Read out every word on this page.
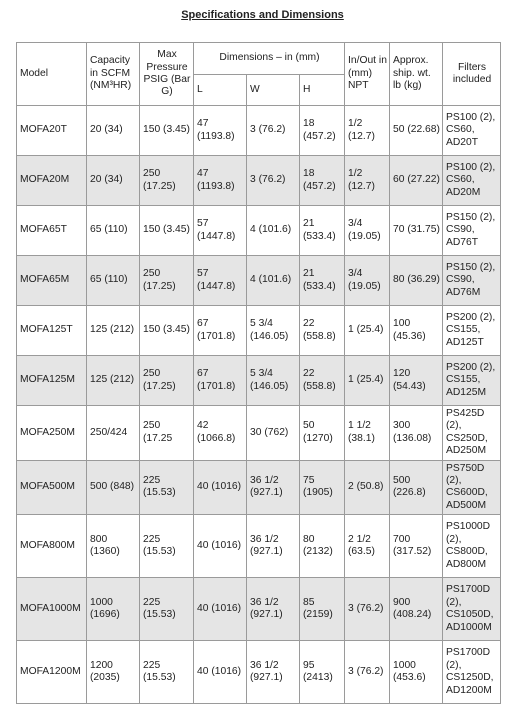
Specifications and Dimensions
Model	Capacity in SCFM (NM³HR)	Max Pressure PSIG (Bar G)	Dimensions – in (mm)			In/Out in (mm) NPT	Approx. ship. wt. lb (kg)	Filters included
			L	W	H			
MOFA20T	20 (34)	150 (3.45)	47 (1193.8)	3 (76.2)	18 (457.2)	1/2 (12.7)	50 (22.68)	PS100 (2), CS60, AD20T
MOFA20M	20 (34)	250 (17.25)	47 (1193.8)	3 (76.2)	18 (457.2)	1/2 (12.7)	60 (27.22)	PS100 (2), CS60, AD20M
MOFA65T	65 (110)	150 (3.45)	57 (1447.8)	4 (101.6)	21 (533.4)	3/4 (19.05)	70 (31.75)	PS150 (2), CS90, AD76T
MOFA65M	65 (110)	250 (17.25)	57 (1447.8)	4 (101.6)	21 (533.4)	3/4 (19.05)	80 (36.29)	PS150 (2), CS90, AD76M
MOFA125T	125 (212)	150 (3.45)	67 (1701.8)	5 3/4 (146.05)	22 (558.8)	1 (25.4)	100 (45.36)	PS200 (2), CS155, AD125T
MOFA125M	125 (212)	250 (17.25)	67 (1701.8)	5 3/4 (146.05)	22 (558.8)	1 (25.4)	120 (54.43)	PS200 (2), CS155, AD125M
MOFA250M	250/424	250 (17.25	42 (1066.8)	30 (762)	50 (1270)	1 1/2 (38.1)	300 (136.08)	PS425D (2), CS250D, AD250M
MOFA500M	500 (848)	225 (15.53)	40 (1016)	36 1/2 (927.1)	75 (1905)	2 (50.8)	500 (226.8)	PS750D (2), CS600D, AD500M
MOFA800M	800 (1360)	225 (15.53)	40 (1016)	36 1/2 (927.1)	80 (2132)	2 1/2 (63.5)	700 (317.52)	PS1000D (2), CS800D, AD800M
MOFA1000M	1000 (1696)	225 (15.53)	40 (1016)	36 1/2 (927.1)	85 (2159)	3 (76.2)	900 (408.24)	PS1700D (2), CS1050D, AD1000M
MOFA1200M	1200 (2035)	225 (15.53)	40 (1016)	36 1/2 (927.1)	95 (2413)	3 (76.2)	1000 (453.6)	PS1700D (2), CS1250D, AD1200M
